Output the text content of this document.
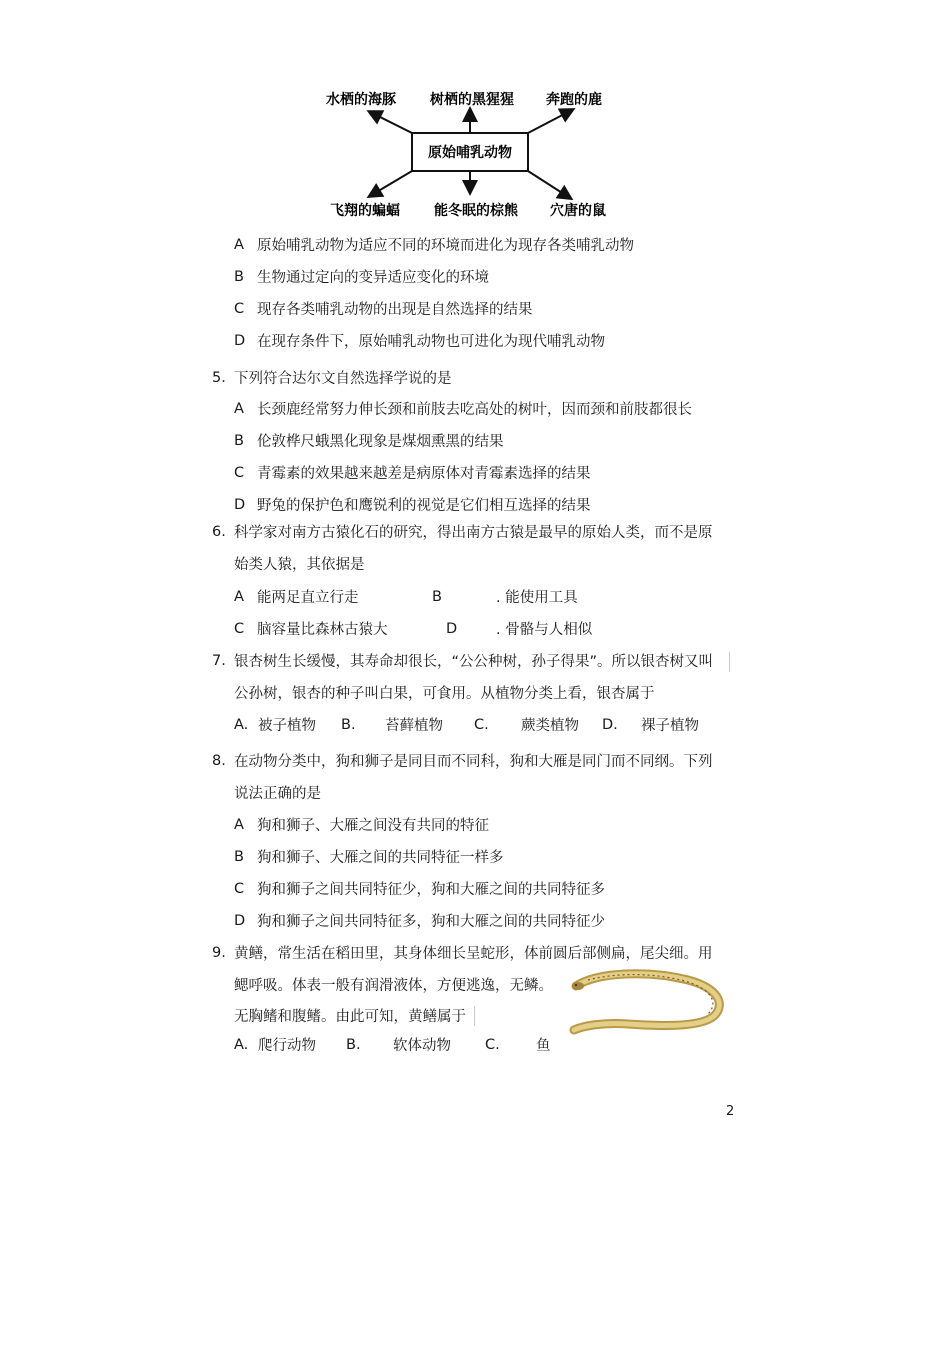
原始哺乳动物
水栖的海豚 树栖的黑猩猩 奔跑的鹿
飞翔的蝙蝠 能冬眠的棕熊 穴唐的鼠
A 原始哺乳动物为适应不同的环境而进化为现存各类哺乳动物
B 生物通过定向的变异适应变化的环境
C 现存各类哺乳动物的出现是自然选择的结果
D 在现存条件下，原始哺乳动物也可进化为现代哺乳动物
5. 下列符合达尔文自然选择学说的是
A 长颈鹿经常努力伸长颈和前肢去吃高处的树叶，因而颈和前肢都很长
B 伦敦桦尺蛾黑化现象是煤烟熏黑的结果
C 青霉素的效果越来越差是病原体对青霉素选择的结果
D 野兔的保护色和鹰锐利的视觉是它们相互选择的结果
6. 科学家对南方古猿化石的研究，得出南方古猿是最早的原始人类，而不是原
始类人猿，其依据是
A 能两足直立行走	B	. 能使用工具
C 脑容量比森林古猿大	D	. 骨骼与人相似
7. 银杏树生长缓慢，其寿命却很长，“公公种树，孙子得果”。所以银杏树又叫
公孙树，银杏的种子叫白果，可食用。从植物分类上看，银杏属于
A. 被子植物 B. 苔藓植物 C. 蕨类植物 D. 裸子植物
8. 在动物分类中，狗和狮子是同目而不同科，狗和大雁是同门而不同纲。下列
说法正确的是
A 狗和狮子、大雁之间没有共同的特征
B 狗和狮子、大雁之间的共同特征一样多
C 狗和狮子之间共同特征少，狗和大雁之间的共同特征多
D 狗和狮子之间共同特征多，狗和大雁之间的共同特征少
9. 黄鳝，常生活在稻田里，其身体细长呈蛇形，体前圆后部侧扁，尾尖细。用
鳃呼吸。体表一般有润滑液体，方便逃逸，无鳞。
无胸鳍和腹鳍。由此可知，黄鳝属于
A. 爬行动物 B. 软体动物 C.	鱼
2
